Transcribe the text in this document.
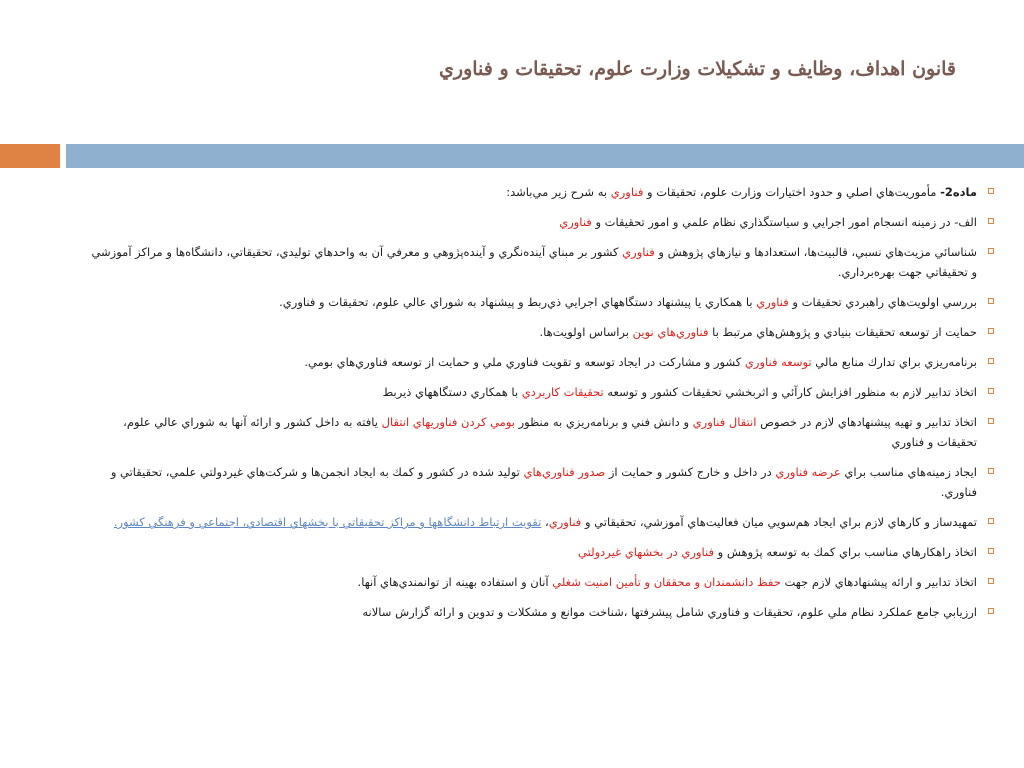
قانون اهداف، وظايف و تشكيلات وزارت علوم، تحقيقات و فناوري
ماده2- مأموريت‌هاي اصلي و حدود اختيارات وزارت علوم، تحقيقات و فناوري به شرح زير مي‌باشد:
الف- در زمينه انسجام امور اجرايي و سياستگذاري نظام علمي و امور تحقيقات و فناوري
شناسائي مزيت‌هاي نسبي، قالبيت‌ها، استعدادها و نيازهاي پژوهش و فناوري كشور بر مبناي آينده‌نگري و آينده‌پژوهي و معرفي آن به واحدهاي توليدي، تحقيقاتي، دانشگاه‌ها و مراكز آموزشي و تحقيقاتي جهت بهره‌برداري.
بررسي اولويت‌هاي راهبردي تحقيقات و فناوري با همكاري يا پيشنهاد دستگاههاي اجرايي ذي‌ربط و پيشنهاد به شوراي عالي علوم، تحقيقات و فناوري.
حمايت از توسعه تحقيقات بنيادي و پژوهش‌هاي مرتبط با فناوري‌هاي نوين براساس اولويت‌ها.
برنامه‌ريزي براي تدارك منابع مالي توسعه فناوري كشور و مشاركت در ايجاد توسعه و تقويت فناوري ملي و حمايت از توسعه فناوري‌هاي بومي.
اتخاذ تدابير لازم به منظور افزايش كارآئي و اثربخشي تحقيقات كشور و توسعه تحقيقات كاربردي با همكاري دستگاههاي ذيربط
اتخاذ تدابير و تهيه پيشنهادهاي لازم در خصوص انتقال فناوري و دانش فني و برنامه‌ريزي به منظور بومي كردن فناوريهاي انتقال يافته به داخل كشور و ارائه آنها به شوراي عالي علوم، تحقيقات و فناوري
ايجاد زمينه‌هاي مناسب براي عرضه فناوري در داخل و خارج كشور و حمايت از صدور فناوري‌هاي توليد شده در كشور و كمك به ايجاد انجمن‌ها و شركت‌هاي غيردولتي علمي، تحقيقاتي و فناوري.
تمهيدساز و كارهاي لازم براي ايجاد هم‌سويي ميان فعاليت‌هاي آموزشي، تحقيقاتي و فناوري، تقويت ارتباط دانشگاهها و مراكز تحقيقاتي با بخشهاي اقتصادي، اجتماعي و فرهنگي كشور.
اتخاذ راهكارهاي مناسب براي كمك به توسعه پژوهش و فناوري در بخشهاي غيردولتي
اتخاذ تدابير و ارائه پيشنهادهاي لازم جهت حفظ دانشمندان و محققان و تأمين امنيت شغلي آنان و استفاده بهينه از توانمندي‌هاي آنها.
ارزيابي جامع عملكرد نظام ملي علوم، تحقيقات و فناوري شامل پيشرفتها ،شناخت موانع و مشكلات و تدوين و ارائه گزارش سالانه
